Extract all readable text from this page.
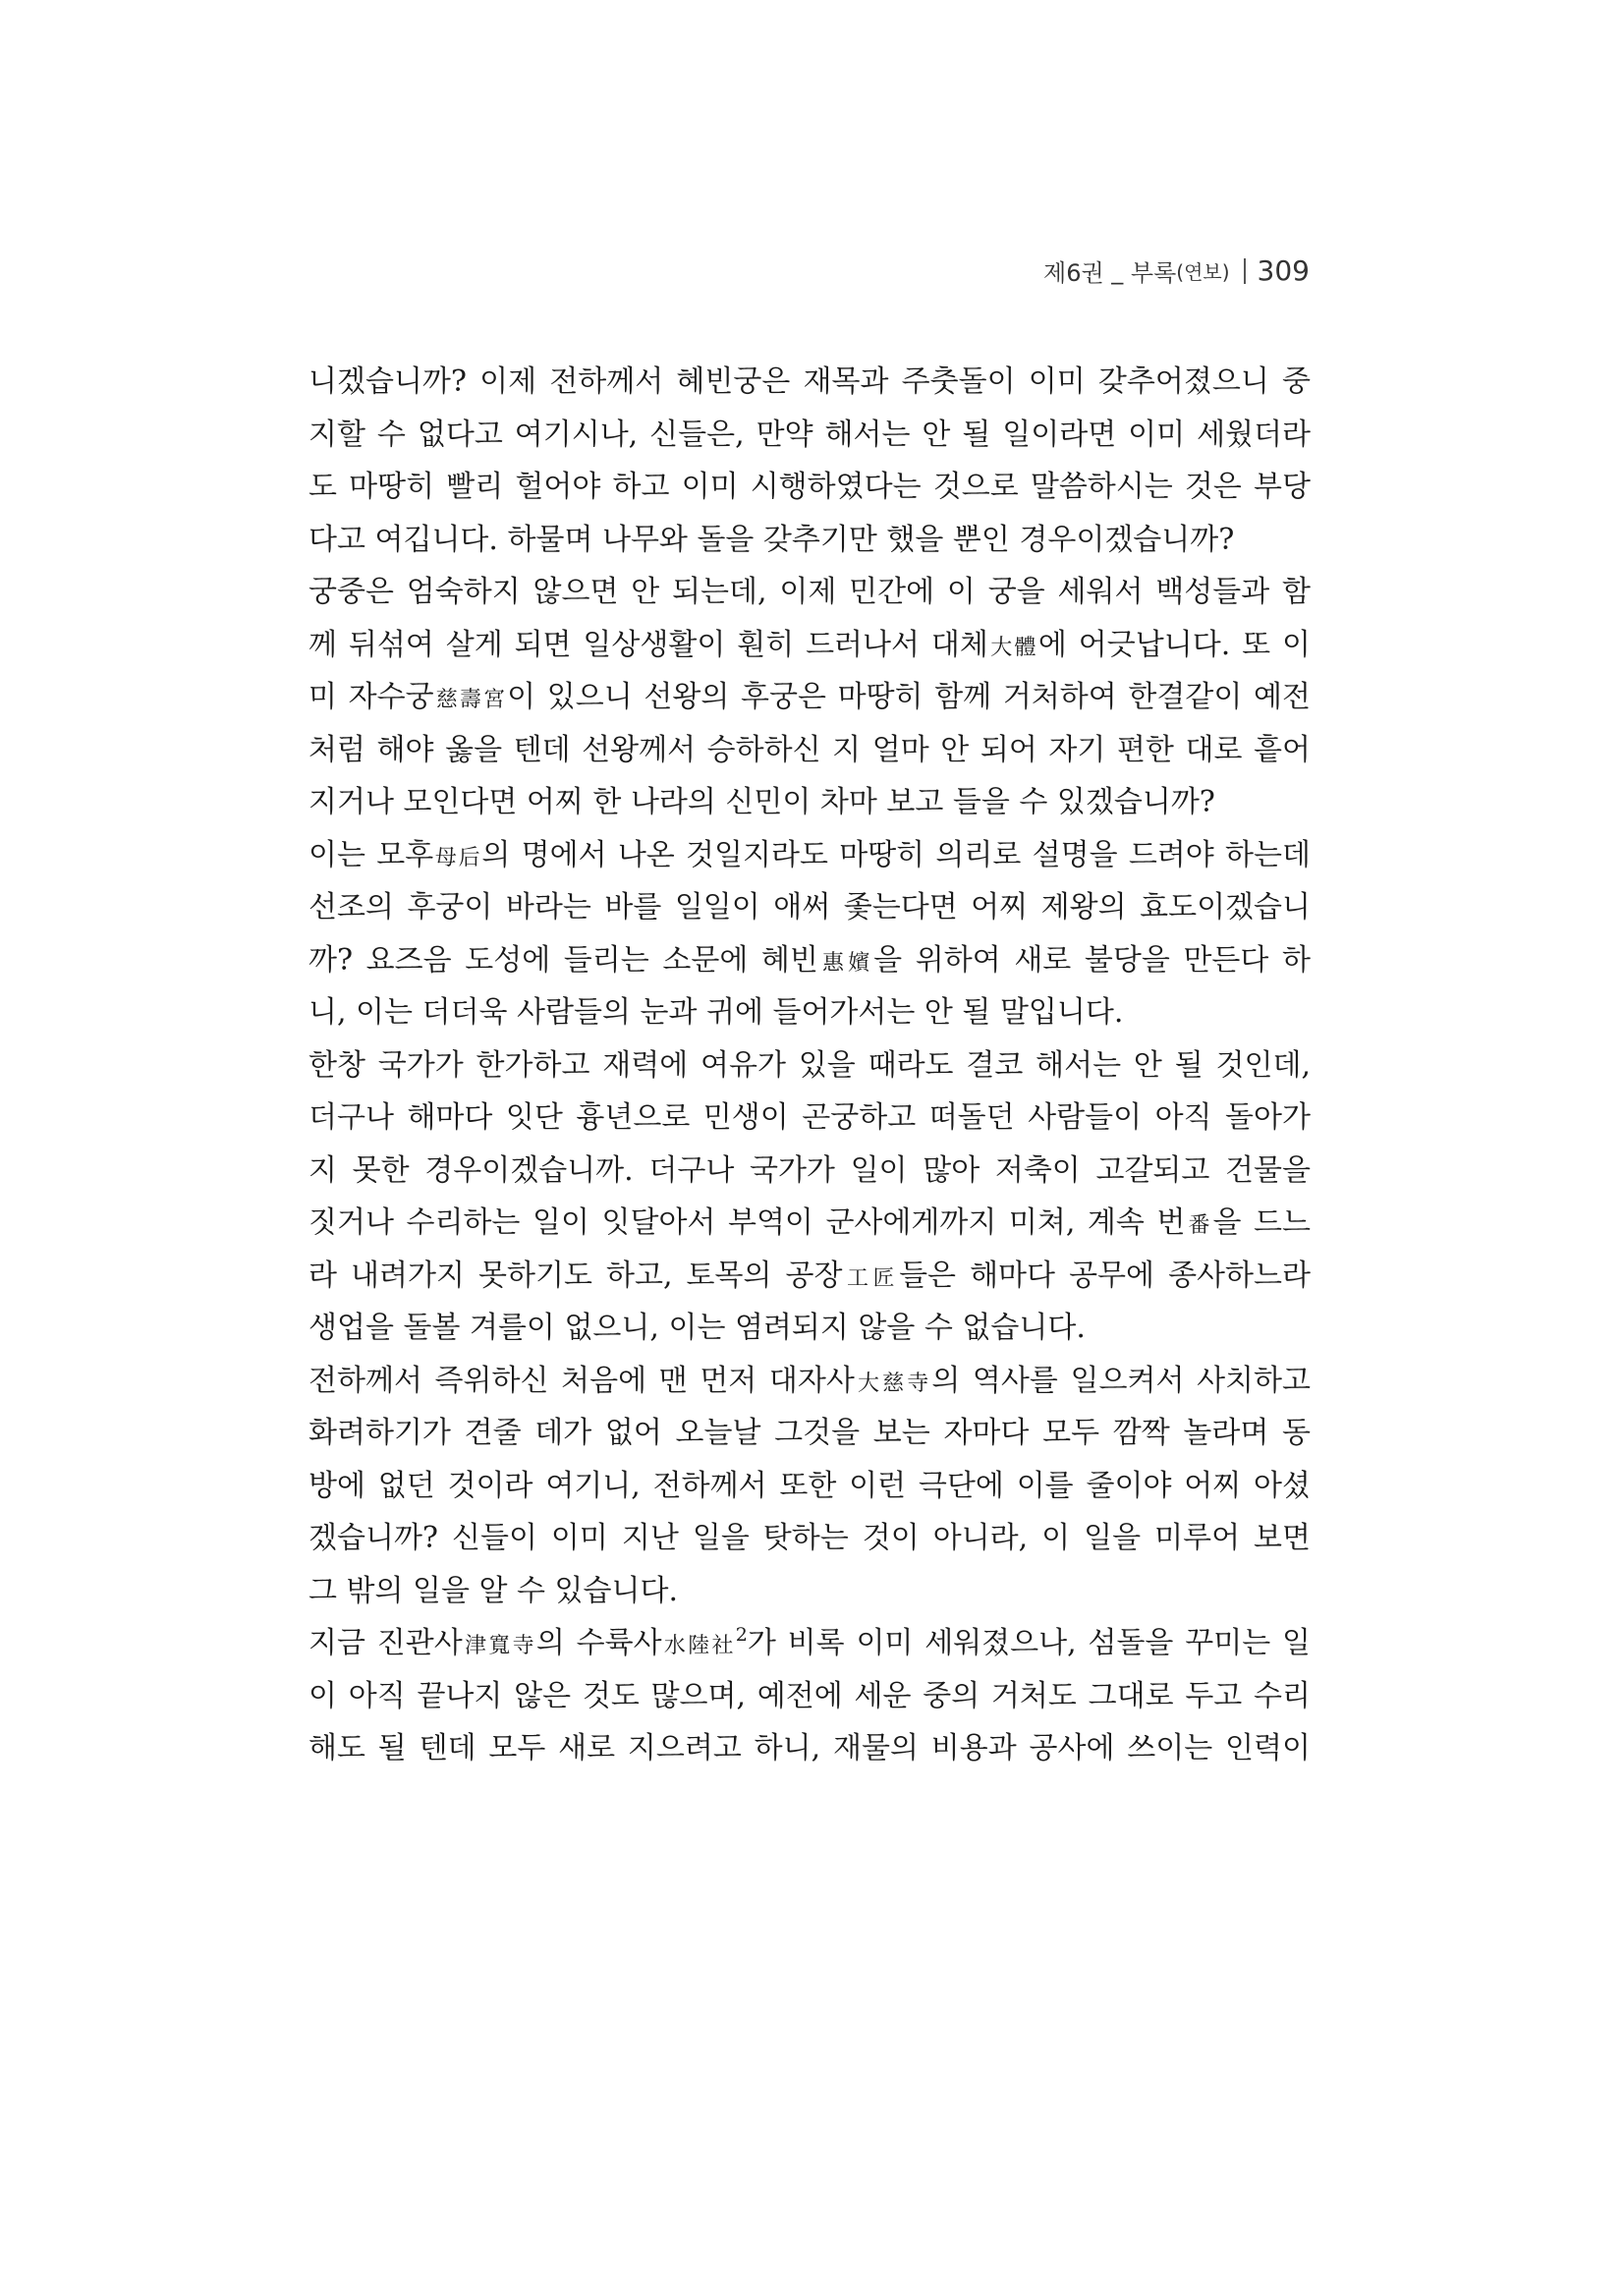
제6권 _ 부록 (연보) 309
니겠습니까? 이제 전하께서 혜빈궁은 재목과 주춧돌이 이미 갖추어졌으니 중
지할 수 없다고 여기시나, 신들은, 만약 해서는 안 될 일이라면 이미 세웠더라
도 마땅히 빨리 헐어야 하고 이미 시행하였다는 것으로 말씀하시는 것은 부당
다고 여깁니다. 하물며 나무와 돌을 갖추기만 했을 뿐인 경우이겠습니까?
궁중은 엄숙하지 않으면 안 되는데, 이제 민간에 이 궁을 세워서 백성들과 함
께 뒤섞여 살게 되면 일상생활이 훤히 드러나서 대체大體에 어긋납니다. 또 이
미 자수궁慈壽宮이 있으니 선왕의 후궁은 마땅히 함께 거처하여 한결같이 예전
처럼 해야 옳을 텐데 선왕께서 승하하신 지 얼마 안 되어 자기 편한 대로 흩어
지거나 모인다면 어찌 한 나라의 신민이 차마 보고 들을 수 있겠습니까?
이는 모후母后의 명에서 나온 것일지라도 마땅히 의리로 설명을 드려야 하는데
선조의 후궁이 바라는 바를 일일이 애써 좇는다면 어찌 제왕의 효도이겠습니
까? 요즈음 도성에 들리는 소문에 혜빈惠嬪을 위하여 새로 불당을 만든다 하
니, 이는 더더욱 사람들의 눈과 귀에 들어가서는 안 될 말입니다.
한창 국가가 한가하고 재력에 여유가 있을 때라도 결코 해서는 안 될 것인데,
더구나 해마다 잇단 흉년으로 민생이 곤궁하고 떠돌던 사람들이 아직 돌아가
지 못한 경우이겠습니까. 더구나 국가가 일이 많아 저축이 고갈되고 건물을
짓거나 수리하는 일이 잇달아서 부역이 군사에게까지 미쳐, 계속 번番을 드느
라 내려가지 못하기도 하고, 토목의 공장工匠들은 해마다 공무에 종사하느라
생업을 돌볼 겨를이 없으니, 이는 염려되지 않을 수 없습니다.
전하께서 즉위하신 처음에 맨 먼저 대자사大慈寺의 역사를 일으켜서 사치하고
화려하기가 견줄 데가 없어 오늘날 그것을 보는 자마다 모두 깜짝 놀라며 동
방에 없던 것이라 여기니, 전하께서 또한 이런 극단에 이를 줄이야 어찌 아셨
겠습니까? 신들이 이미 지난 일을 탓하는 것이 아니라, 이 일을 미루어 보면
그 밖의 일을 알 수 있습니다.
지금 진관사津寬寺의 수륙사水陸社$^2$가 비록 이미 세워졌으나, 섬돌을 꾸미는 일
이 아직 끝나지 않은 것도 많으며, 예전에 세운 중의 거처도 그대로 두고 수리
해도 될 텐데 모두 새로 지으려고 하니, 재물의 비용과 공사에 쓰이는 인력이
